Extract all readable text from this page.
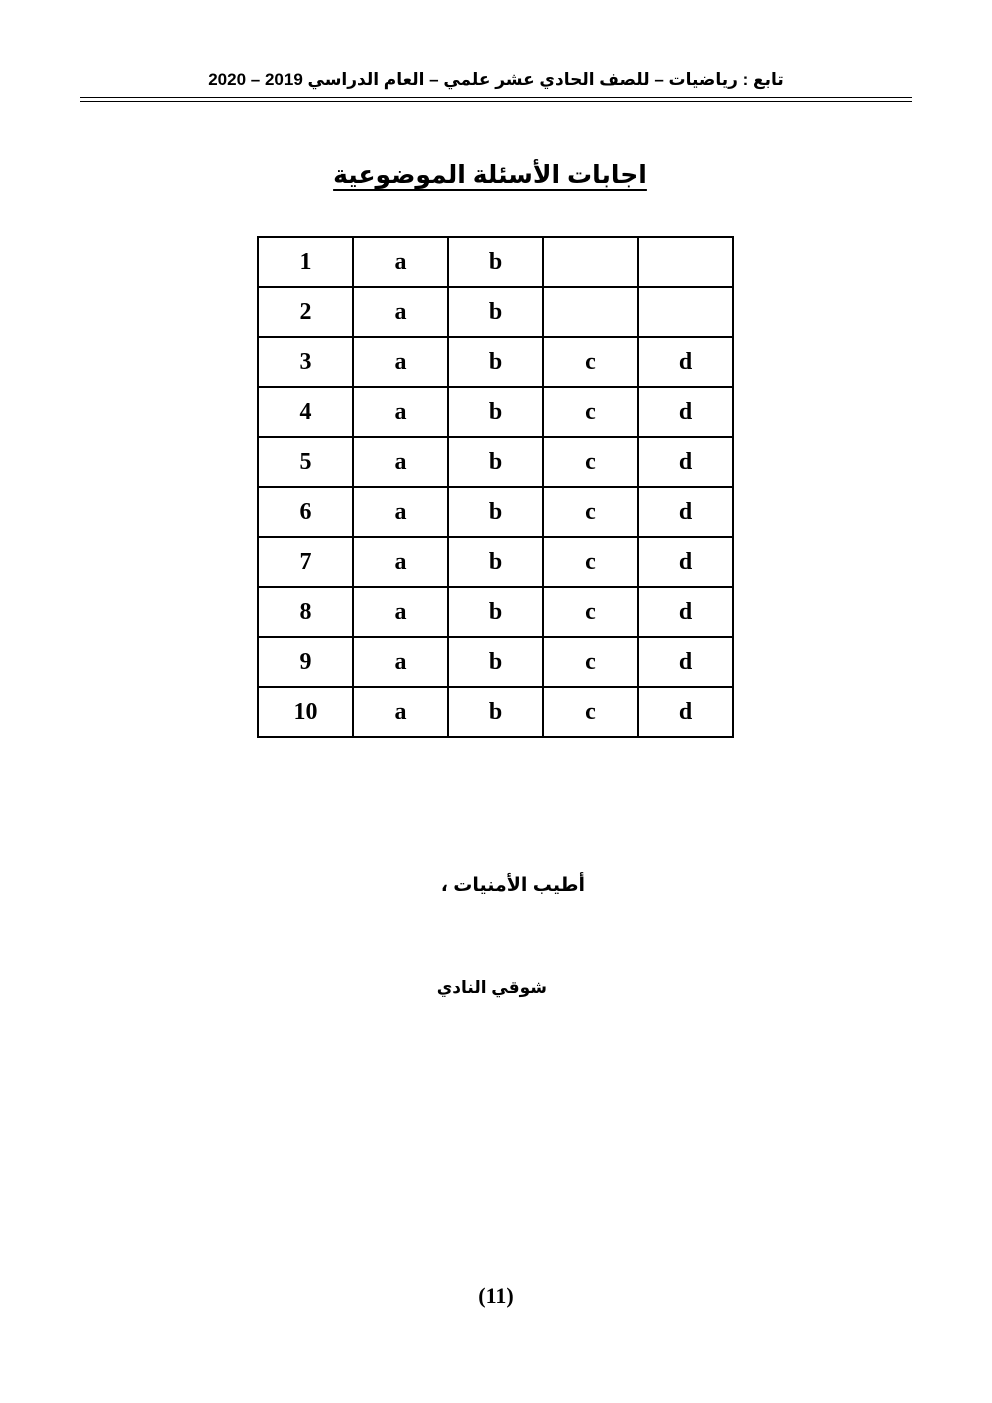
تابع : رياضيات – للصف الحادي عشر علمي – العام الدراسي 2019 – 2020
اجابات الأسئلة الموضوعية
1	a	b		
2	a	b		
3	a	b	c	d
4	a	b	c	d
5	a	b	c	d
6	a	b	c	d
7	a	b	c	d
8	a	b	c	d
9	a	b	c	d
10	a	b	c	d
أطيب الأمنيات ،
شوقي النادي
(11)
